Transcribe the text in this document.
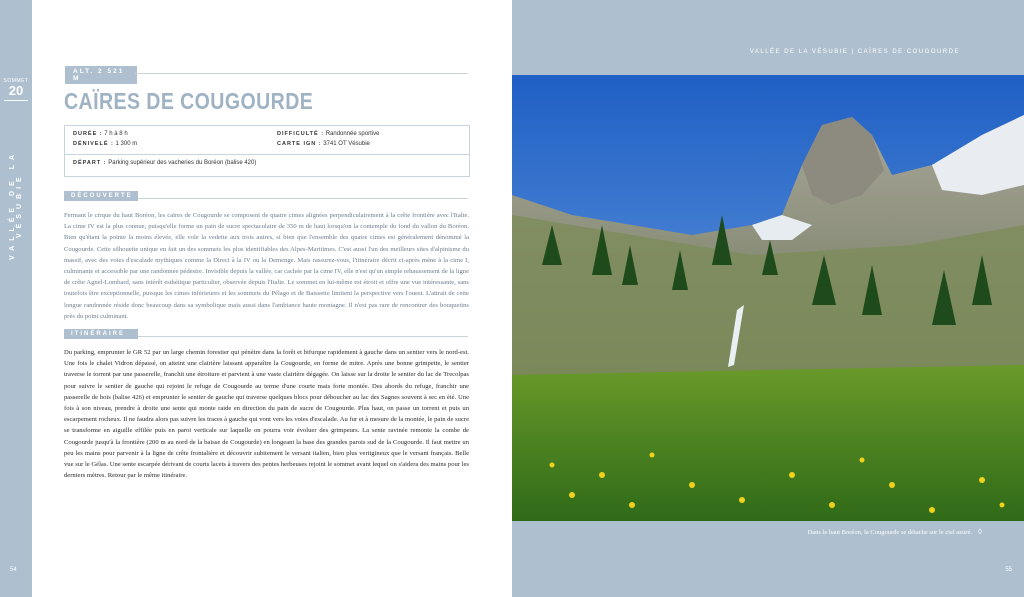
SOMMET
20
VALLÉE DE LA VÉSUBIE
54
ALT. 2 521 M
CAÏRES DE COUGOURDE
DURÉE : 7 h à 8 h
DÉNIVELÉ : 1 300 m
DIFFICULTÉ : Randonnée sportive
CARTE IGN : 3741 OT Vésubie
DÉPART : Parking supérieur des vacheries du Boréon (balise 420)
DÉCOUVERTE
Fermant le cirque du haut Boréon, les caïres de Cougourde se composent de quatre cimes alignées perpendiculairement à la crête frontière avec l'Italie. La cime IV est la plus connue, puisqu'elle forme un pain de sucre spectaculaire de 350 m de haut lorsqu'on la contemple du fond du vallon du Boréon. Bien qu'étant la pointe la moins élevée, elle vole la vedette aux trois autres, si bien que l'ensemble des quatre cimes est généralement dénommé la Cougourde. Cette silhouette unique en fait un des sommets les plus identifiables des Alpes-Maritimes. C'est aussi l'un des meilleurs sites d'alpinisme du massif, avec des voies d'escalade mythiques comme la Direct à la IV ou la Demenge. Mais rassurez-vous, l'itinéraire décrit ci-après mène à la cime I, culminante et accessible par une randonnée pédestre. Invisible depuis la vallée, car cachée par la cime IV, elle n'est qu'un simple rehaussement de la ligne de crête Agnel-Lombard, sans intérêt esthétique particulier, observée depuis l'Italie. Le sommet en lui-même est étroit et offre une vue intéressante, sans toutefois être exceptionnelle, puisque les cimes inférieures et les sommets du Pélago et de Baissette limitent la perspective vers l'ouest. L'attrait de cette longue randonnée réside donc beaucoup dans sa symbolique mais aussi dans l'ambiance haute montagne. Il n'est pas rare de rencontrer des bouquetins près du point culminant.
ITINÉRAIRE
Du parking, emprunter le GR 52 par un large chemin forestier qui pénètre dans la forêt et bifurque rapidement à gauche dans un sentier vers le nord-est. Une fois le chalet Vidron dépassé, on atteint une clairière laissant apparaître la Cougourde, en forme de mitre. Après une bonne grimpette, le sentier traverse le torrent par une passerelle, franchit une étroiture et parvient à une vaste clairière dégagée. On laisse sur la droite le sentier du lac de Trecolpas pour suivre le sentier de gauche qui rejoint le refuge de Cougourde au terme d'une courte mais forte montée. Des abords du refuge, franchir une passerelle de bois (balise 426) et emprunter le sentier de gauche qui traverse quelques blocs pour déboucher au lac des Sagnes souvent à sec en été. Une fois à son niveau, prendre à droite une sente qui monte raide en direction du pain de sucre de Cougourde. Plus haut, on passe un torrent et puis un escarpement rocheux. Il ne faudra alors pas suivre les traces à gauche qui vont vers les voies d'escalade. Au fur et à mesure de la montée, le pain de sucre se transforme en aiguille effilée puis en paroi verticale sur laquelle on pourra voir évoluer des grimpeurs. La sente ravinée remonte la combe de Cougourde jusqu'à la frontière (200 m au nord de la baisse de Cougourde) en longeant la base des grandes parois sud de la Cougourde. Il faut mettre un peu les mains pour parvenir à la ligne de crête frontalière et découvrir subitement le versant italien, bien plus vertigineux que le versant français. Belle vue sur le Gélas. Une sente escarpée dérivant de courts lacets à travers des pentes herbeuses rejoint le sommet avant lequel on s'aidera des mains pour les derniers mètres. Retour par le même itinéraire.
VALLÉE DE LA VÉSUBIE | CAÏRES DE COUGOURDE
Dans le haut Boréon, la Cougourde se détache sur le ciel azuré. ◊
55
